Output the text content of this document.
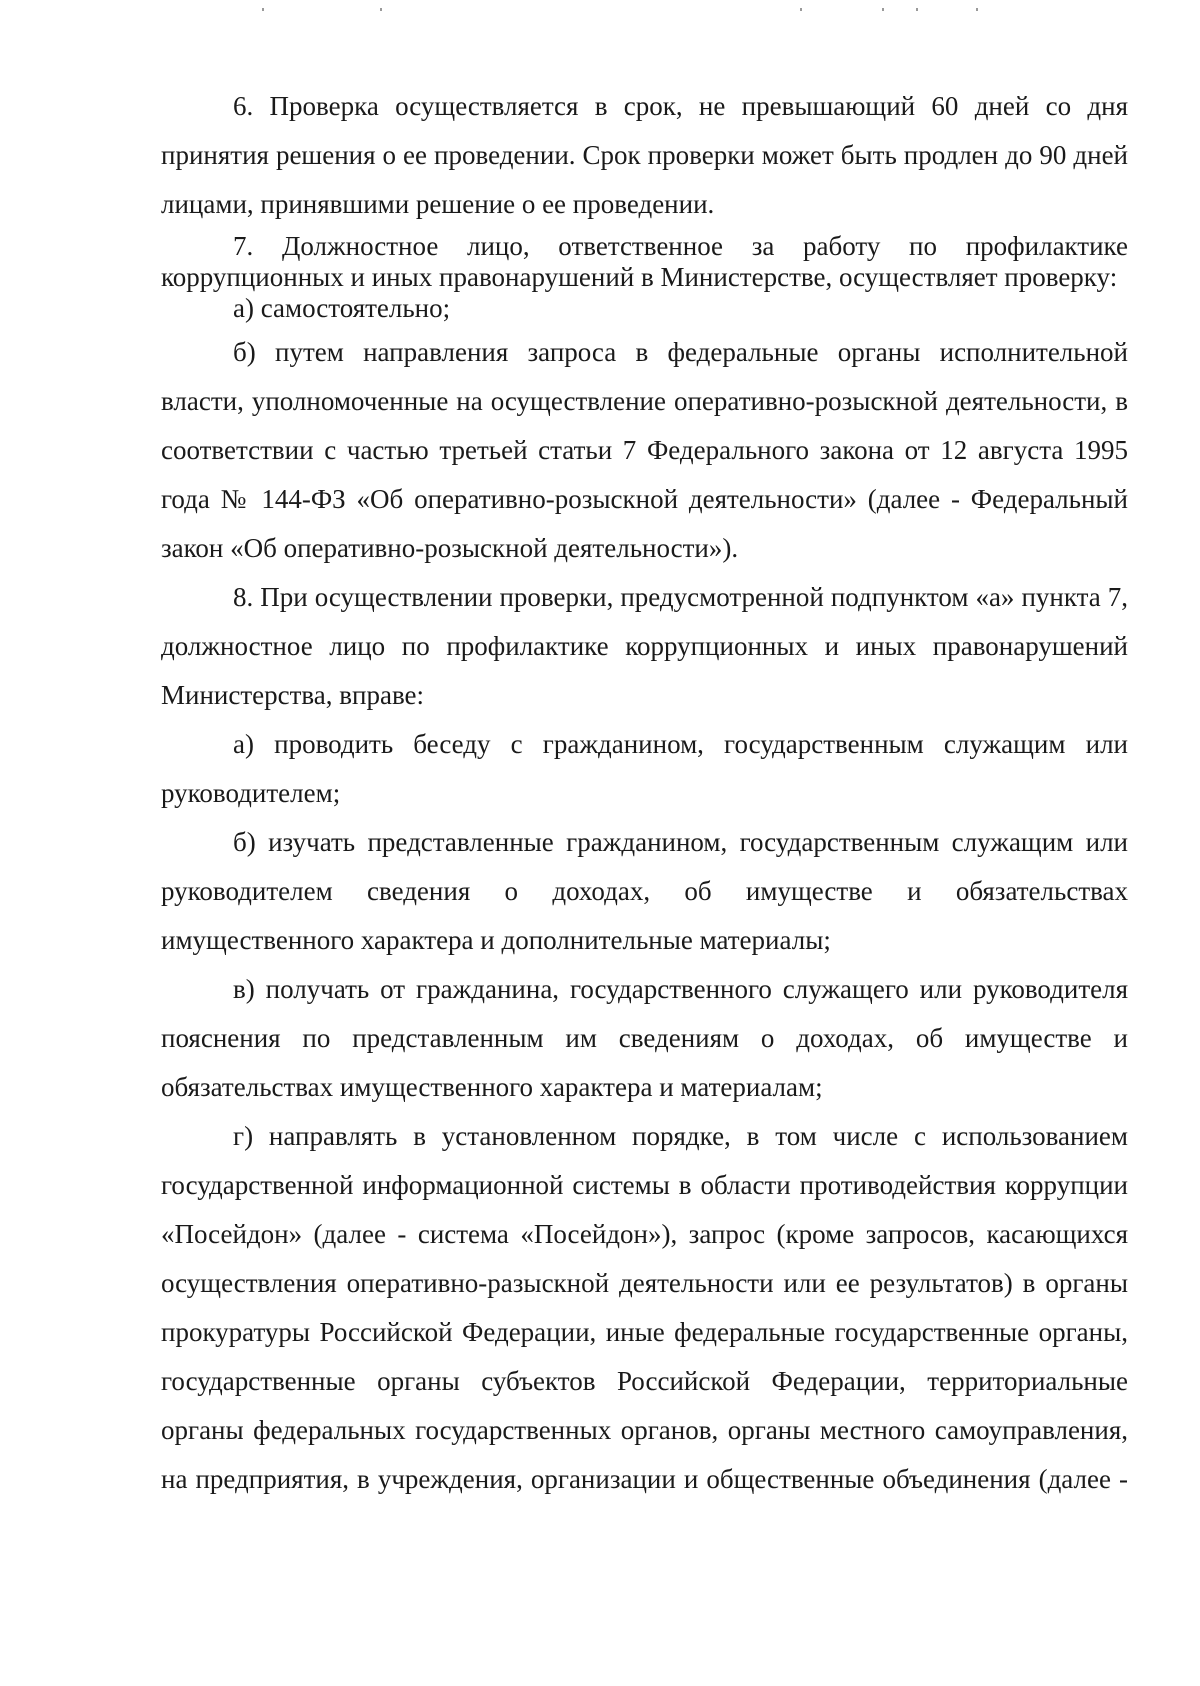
6. Проверка осуществляется в срок, не превышающий 60 дней со дня принятия решения о ее проведении. Срок проверки может быть продлен до 90 дней лицами, принявшими решение о ее проведении.

7. Должностное лицо, ответственное за работу по профилактике коррупционных и иных правонарушений в Министерстве, осуществляет проверку:

а) самостоятельно;

б) путем направления запроса в федеральные органы исполнительной власти, уполномоченные на осуществление оперативно-розыскной деятельности, в соответствии с частью третьей статьи 7 Федерального закона от 12 августа 1995 года № 144-ФЗ «Об оперативно-розыскной деятельности» (далее - Федеральный закон «Об оперативно-розыскной деятельности»).

8. При осуществлении проверки, предусмотренной подпунктом «а» пункта 7, должностное лицо по профилактике коррупционных и иных правонарушений Министерства, вправе:

а) проводить беседу с гражданином, государственным служащим или руководителем;

б) изучать представленные гражданином, государственным служащим или руководителем сведения о доходах, об имуществе и обязательствах имущественного характера и дополнительные материалы;

в) получать от гражданина, государственного служащего или руководителя пояснения по представленным им сведениям о доходах, об имуществе и обязательствах имущественного характера и материалам;

г) направлять в установленном порядке, в том числе с использованием государственной информационной системы в области противодействия коррупции «Посейдон» (далее - система «Посейдон»), запрос (кроме запросов, касающихся осуществления оперативно-разыскной деятельности или ее результатов) в органы прокуратуры Российской Федерации, иные федеральные государственные органы, государственные органы субъектов Российской Федерации, территориальные органы федеральных государственных органов, органы местного самоуправления, на предприятия, в учреждения, организации и общественные объединения (далее -
